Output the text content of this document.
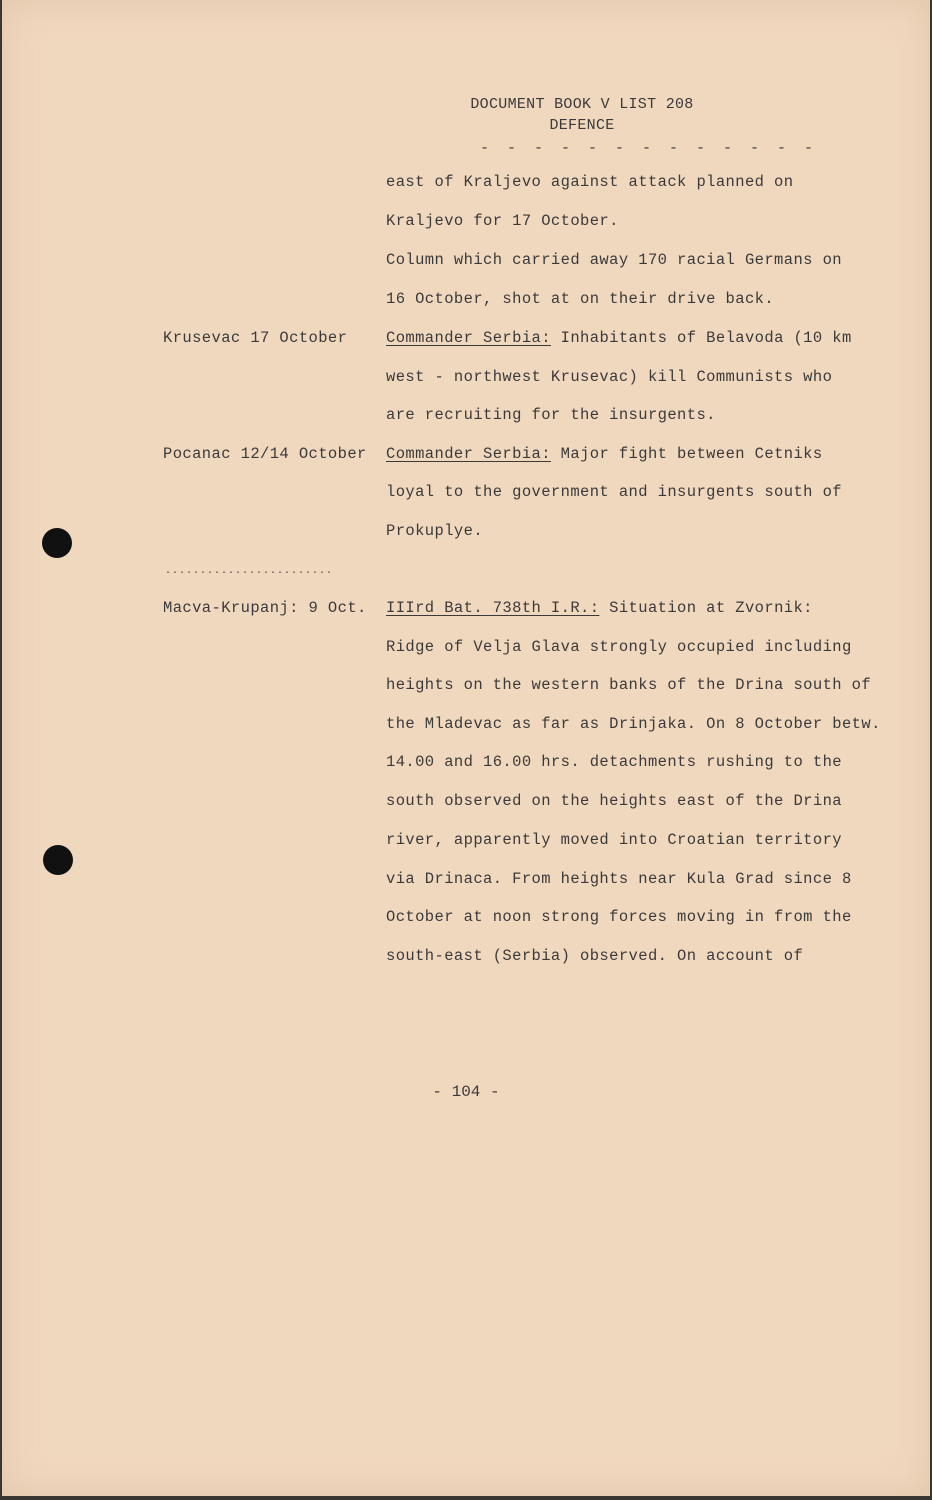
DOCUMENT BOOK V LIST 208
DEFENCE
- - - - - - - - - - - - -
east of Kraljevo against attack planned on
Kraljevo for 17 October.
Column which carried away 170 racial Germans on
16 October, shot at on their drive back.
Krusevac 17 October Commander Serbia: Inhabitants of Belavoda (10 km
west - northwest Krusevac) kill Communists who
are recruiting for the insurgents.
Pocanac 12/14 October Commander Serbia: Major fight between Cetniks
loyal to the government and insurgents south of
Prokuplye.
........................
Macva-Krupanj: 9 Oct. IIIrd Bat. 738th I.R.: Situation at Zvornik:
Ridge of Velja Glava strongly occupied including
heights on the western banks of the Drina south of
the Mladevac as far as Drinjaka. On 8 October betw.
14.00 and 16.00 hrs. detachments rushing to the
south observed on the heights east of the Drina
river, apparently moved into Croatian territory
via Drinaca. From heights near Kula Grad since 8
October at noon strong forces moving in from the
south-east (Serbia) observed. On account of
- 104 -
